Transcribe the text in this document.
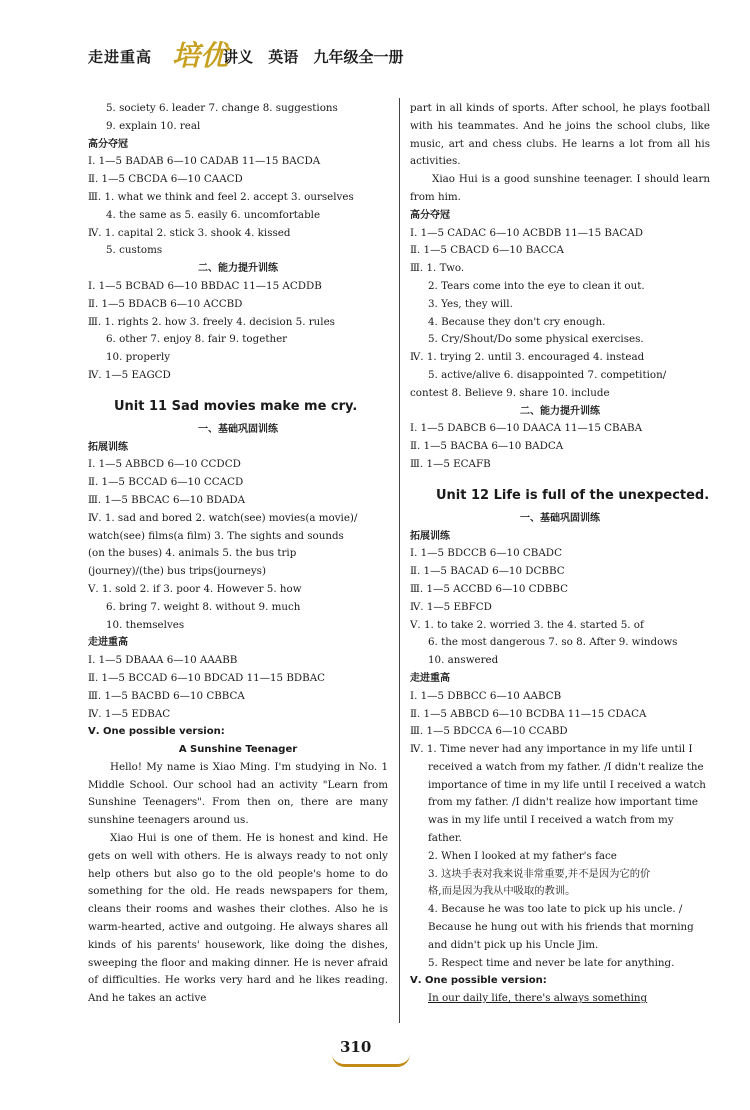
走进重高 培优
讲义 英语 九年级全一册
5. society 6. leader 7. change 8. suggestions
9. explain 10. real
高分夺冠
Ⅰ. 1—5 BADAB 6—10 CADAB 11—15 BACDA
Ⅱ. 1—5 CBCDA 6—10 CAACD
Ⅲ. 1. what we think and feel 2. accept 3. ourselves
4. the same as 5. easily 6. uncomfortable
Ⅳ. 1. capital 2. stick 3. shook 4. kissed
5. customs
二、能力提升训练
Ⅰ. 1—5 BCBAD 6—10 BBDAC 11—15 ACDDB
Ⅱ. 1—5 BDACB 6—10 ACCBD
Ⅲ. 1. rights 2. how 3. freely 4. decision 5. rules
6. other 7. enjoy 8. fair 9. together
10. properly
Ⅳ. 1—5 EAGCD
Unit 11 Sad movies make me cry.
一、基础巩固训练
拓展训练
Ⅰ. 1—5 ABBCD 6—10 CCDCD
Ⅱ. 1—5 BCCAD 6—10 CCACD
Ⅲ. 1—5 BBCAC 6—10 BDADA
Ⅳ. 1. sad and bored 2. watch(see) movies(a movie)/
watch(see) films(a film) 3. The sights and sounds
(on the buses) 4. animals 5. the bus trip
(journey)/(the) bus trips(journeys)
Ⅴ. 1. sold 2. if 3. poor 4. However 5. how
6. bring 7. weight 8. without 9. much
10. themselves
走进重高
Ⅰ. 1—5 DBAAA 6—10 AAABB
Ⅱ. 1—5 BCCAD 6—10 BDCAD 11—15 BDBAC
Ⅲ. 1—5 BACBD 6—10 CBBCA
Ⅳ. 1—5 EDBAC
Ⅴ. One possible version:
A Sunshine Teenager
Hello! My name is Xiao Ming. I'm studying in No. 1 Middle School. Our school had an activity "Learn from Sunshine Teenagers". From then on, there are many sunshine teenagers around us.
Xiao Hui is one of them. He is honest and kind. He gets on well with others. He is always ready to not only help others but also go to the old people's home to do something for the old. He reads newspapers for them, cleans their rooms and washes their clothes. Also he is warm-hearted, active and outgoing. He always shares all kinds of his parents' housework, like doing the dishes, sweeping the floor and making dinner. He is never afraid of difficulties. He works very hard and he likes reading. And he takes an active
part in all kinds of sports. After school, he plays football with his teammates. And he joins the school clubs, like music, art and chess clubs. He learns a lot from all his activities.
Xiao Hui is a good sunshine teenager. I should learn from him.
高分夺冠
Ⅰ. 1—5 CADAC 6—10 ACBDB 11—15 BACAD
Ⅱ. 1—5 CBACD 6—10 BACCA
Ⅲ. 1. Two.
2. Tears come into the eye to clean it out.
3. Yes, they will.
4. Because they don't cry enough.
5. Cry/Shout/Do some physical exercises.
Ⅳ. 1. trying 2. until 3. encouraged 4. instead
5. active/alive 6. disappointed 7. competition/
contest 8. Believe 9. share 10. include
二、能力提升训练
Ⅰ. 1—5 DABCB 6—10 DAACA 11—15 CBABA
Ⅱ. 1—5 BACBA 6—10 BADCA
Ⅲ. 1—5 ECAFB
Unit 12 Life is full of the unexpected.
一、基础巩固训练
拓展训练
Ⅰ. 1—5 BDCCB 6—10 CBADC
Ⅱ. 1—5 BACAD 6—10 DCBBC
Ⅲ. 1—5 ACCBD 6—10 CDBBC
Ⅳ. 1—5 EBFCD
Ⅴ. 1. to take 2. worried 3. the 4. started 5. of
6. the most dangerous 7. so 8. After 9. windows
10. answered
走进重高
Ⅰ. 1—5 DBBCC 6—10 AABCB
Ⅱ. 1—5 ABBCD 6—10 BCDBA 11—15 CDACA
Ⅲ. 1—5 BDCCA 6—10 CCABD
Ⅳ. 1. Time never had any importance in my life until I
received a watch from my father. /I didn't realize the
importance of time in my life until I received a watch
from my father. /I didn't realize how important time
was in my life until I received a watch from my
father.
2. When I looked at my father's face
3. 这块手表对我来说非常重要,并不是因为它的价
格,而是因为我从中吸取的教训。
4. Because he was too late to pick up his uncle. /
Because he hung out with his friends that morning
and didn't pick up his Uncle Jim.
5. Respect time and never be late for anything.
Ⅴ. One possible version:
In our daily life, there's always something
310
